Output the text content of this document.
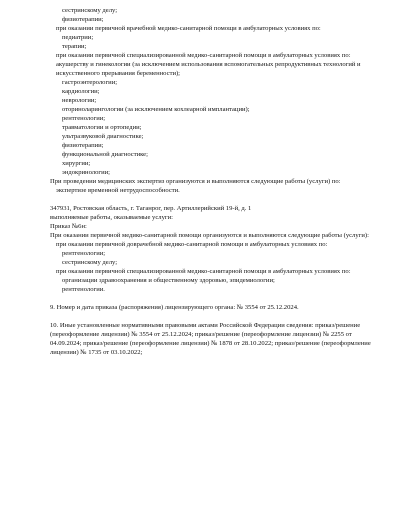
сестринскому делу;
физиотерапии;
при оказании первичной врачебной медико-санитарной помощи в амбулаторных условиях по:
педиатрии;
терапии;
при оказании первичной специализированной медико-санитарной помощи в амбулаторных условиях по:
акушерству и гинекологии (за исключением использования вспомогательных репродуктивных технологий и искусственного прерывания беременности);
гастроэнтерологии;
кардиологии;
неврологии;
оториноларингологии (за исключением кохлеарной имплантации);
рентгенологии;
травматологии и ортопедии;
ультразвуковой диагностике;
физиотерапии;
функциональной диагностике;
хирургии;
эндокринологии;
При проведении медицинских экспертиз организуются и выполняются следующие работы (услуги) по:
экспертизе временной нетрудоспособности.
347931, Ростовская область, г. Таганрог, пер. Артиллерийский 19-й, д. 1
выполняемые работы, оказываемые услуги:
Приказ №6н:
При оказании первичной медико-санитарной помощи организуются и выполняются следующие работы (услуги):
при оказании первичной доврачебной медико-санитарной помощи в амбулаторных условиях по:
рентгенологии;
сестринскому делу;
при оказании первичной специализированной медико-санитарной помощи в амбулаторных условиях по:
организации здравоохранения и общественному здоровью, эпидемиологии;
рентгенологии.
9. Номер и дата приказа (распоряжения) лицензирующего органа: № 3554 от 25.12.2024.
10. Иные установленные нормативными правовыми актами Российской Федерации сведения: приказ/решение (переоформление лицензии) № 3554 от 25.12.2024; приказ/решение (переоформление лицензии) № 2255 от 04.09.2024; приказ/решение (переоформление лицензии) № 1878 от 28.10.2022; приказ/решение (переоформление лицензии) № 1735 от 03.10.2022;
